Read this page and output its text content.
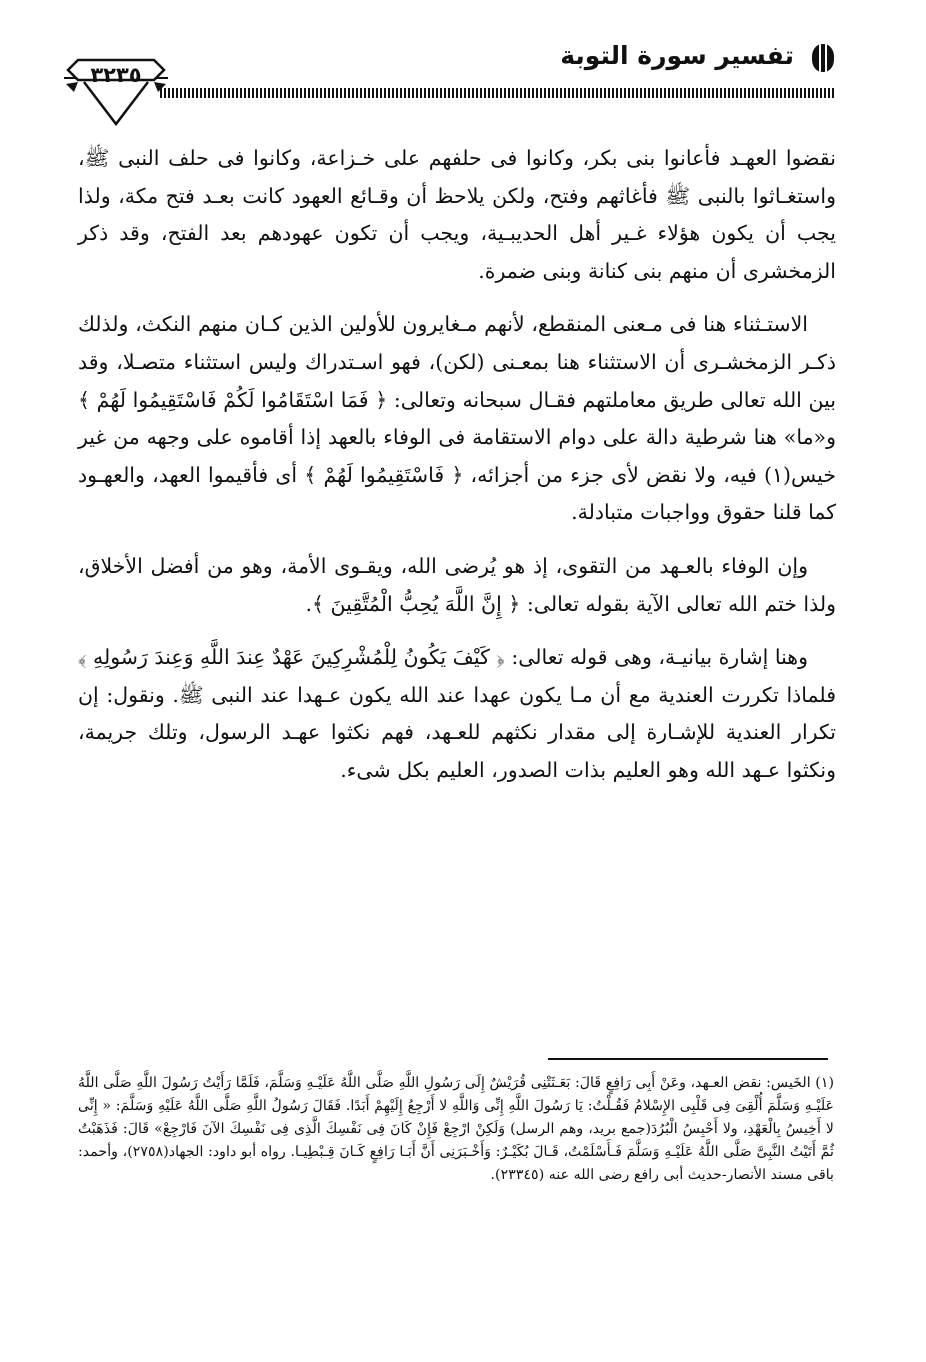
تفسير سورة التوبة
٣٢٣٥

نقضوا العهـد فأعانوا بنى بكر، وكانوا فى حلفهم على خـزاعة، وكانوا فى حلف النبى ﷺ، واستغـاثوا بالنبى ﷺ فأغاثهم وفتح، ولكن يلاحظ أن وقـائع العهود كانت بعـد فتح مكة، ولذا يجب أن يكون هؤلاء غـير أهل الحديبـية، ويجب أن تكون عهودهم بعد الفتح، وقد ذكر الزمخشرى أن منهم بنى كنانة وبنى ضمرة.

الاستـثناء هنا فى مـعنى المنقطع، لأنهم مـغايرون للأولين الذين كـان منهم النكث، ولذلك ذكـر الزمخشـرى أن الاستثناء هنا بمعـنى (لكن)، فهو اسـتدراك وليس استثناء متصـلا، وقد بين الله تعالى طريق معاملتهم فقـال سبحانه وتعالى: ﴿ فَمَا اسْتَقَامُوا لَكُمْ فَاسْتَقِيمُوا لَهُمْ ﴾ و«ما» هنا شرطية دالة على دوام الاستقامة فى الوفاء بالعهد إذا أقاموه على وجهه من غير خيس(١) فيه، ولا نقض لأى جزء من أجزائه، ﴿ فَاسْتَقِيمُوا لَهُمْ ﴾ أى فأقيموا العهد، والعهـود كما قلنا حقوق وواجبات متبادلة.

وإن الوفاء بالعـهد من التقوى، إذ هو يُرضى الله، ويقـوى الأمة، وهو من أفضل الأخلاق، ولذا ختم الله تعالى الآية بقوله تعالى: ﴿ إِنَّ اللَّهَ يُحِبُّ الْمُتَّقِينَ ﴾.

وهنا إشارة بيانيـة، وهى قوله تعالى: ﴿ كَيْفَ يَكُونُ لِلْمُشْرِكِينَ عَهْدٌ عِندَ اللَّهِ وَعِندَ رَسُولِهِ ﴾ فلماذا تكررت العندية مع أن مـا يكون عهدا عند الله يكون عـهدا عند النبى ﷺ. ونقول: إن تكرار العندية للإشـارة إلى مقدار نكثهم للعـهد، فهم نكثوا عهـد الرسول، وتلك جريمة، ونكثوا عـهد الله وهو العليم بذات الصدور، العليم بكل شىء.

(١) الخَيس: نقض العـهد، وعَنْ أَبِى رَافِعٍ قَالَ: بَعَـثَتْنِى قُرَيْشٌ إِلَى رَسُولِ اللَّهِ صَلَّى اللَّهُ عَلَيْـهِ وَسَلَّمَ، فَلَمَّا رَأَيْتُ رَسُولَ اللَّهِ صَلَّى اللَّهُ عَلَيْـهِ وَسَلَّمَ أُلْقِىَ فِى قَلْبِى الإِسْلامُ فَقُـلْتُ: يَا رَسُولَ اللَّهِ إِنِّى وَاللَّهِ لا أَرْجِعُ إِلَيْهِمْ أَبَدًا. فَقَالَ رَسُولُ اللَّهِ صَلَّى اللَّهُ عَلَيْهِ وَسَلَّمَ: « إِنِّى لا أَخِيسُ بِالْعَهْدِ، ولا أَحْبِسُ الْبُرُدَ(جمع بريد، وهم الرسل) وَلَكِنْ ارْجِعْ فَإِنْ كَانَ فِى نَفْسِكَ الَّذِى فِى نَفْسِكَ الآنَ فَارْجِعْ» قَالَ: فَذَهَبْتُ ثُمَّ أَتَيْتُ النَّبِىَّ صَلَّى اللَّهُ عَلَيْـهِ وَسَلَّمَ فَـأَسْلَمْتُ، قَـالَ بُكَيْـرٌ: وَأَخْـبَرَنِى أَنَّ أَبَـا رَافِعٍ كَـانَ قِـبْطِيـا. رواه أبو داود: الجهاد(٢٧٥٨)، وأحمد: باقى مسند الأنصار-حديث أبى رافع رضى الله عنه (٢٣٣٤٥).
